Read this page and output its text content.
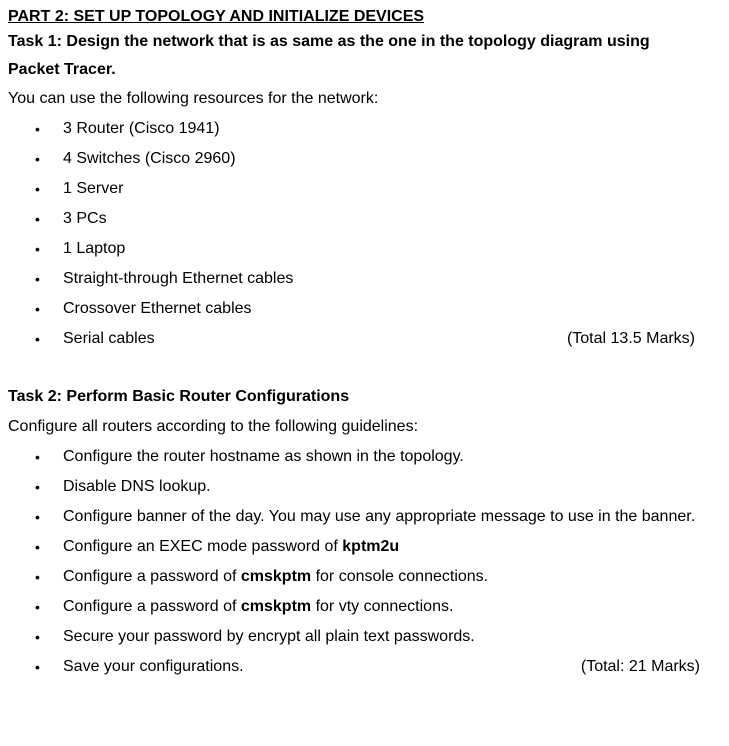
PART 2: SET UP TOPOLOGY AND INITIALIZE DEVICES
Task 1: Design the network that is as same as the one in the topology diagram using Packet Tracer.
You can use the following resources for the network:
• 3 Router (Cisco 1941)
• 4 Switches (Cisco 2960)
• 1 Server
• 3 PCs
• 1 Laptop
• Straight-through Ethernet cables
• Crossover Ethernet cables
• Serial cables	(Total 13.5 Marks)
Task 2: Perform Basic Router Configurations
Configure all routers according to the following guidelines:
• Configure the router hostname as shown in the topology.
• Disable DNS lookup.
• Configure banner of the day. You may use any appropriate message to use in the banner.
• Configure an EXEC mode password of kptm2u
• Configure a password of cmskptm for console connections.
• Configure a password of cmskptm for vty connections.
• Secure your password by encrypt all plain text passwords.
• Save your configurations.	(Total: 21 Marks)
